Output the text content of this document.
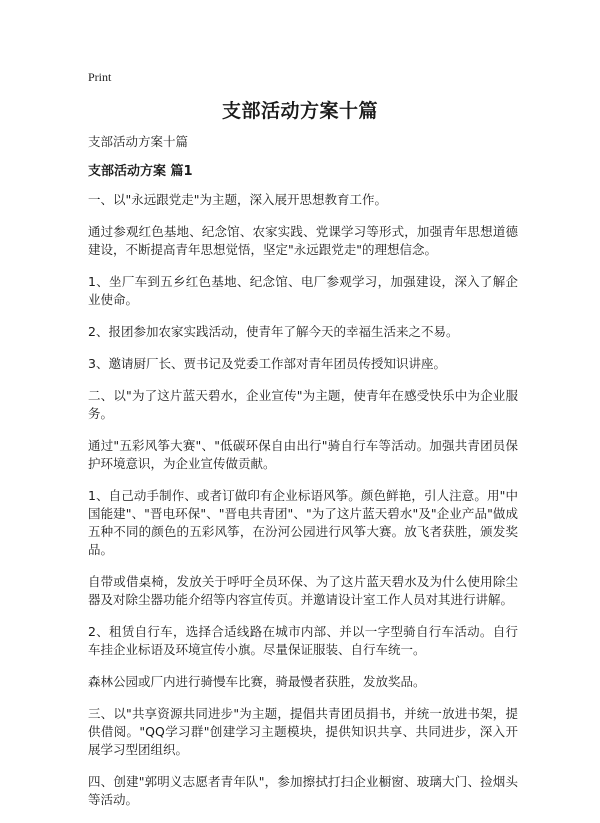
Print
支部活动方案十篇

支部活动方案十篇

支部活动方案 篇1

一、以"永远跟党走"为主题，深入展开思想教育工作。

通过参观红色基地、纪念馆、农家实践、党课学习等形式，加强青年思想道德建设，不断提高青年思想觉悟，坚定"永远跟党走"的理想信念。

1、坐厂车到五乡红色基地、纪念馆、电厂参观学习，加强建设，深入了解企业使命。

2、报团参加农家实践活动，使青年了解今天的幸福生活来之不易。

3、邀请厨厂长、贾书记及党委工作部对青年团员传授知识讲座。

二、以"为了这片蓝天碧水，企业宣传"为主题，使青年在感受快乐中为企业服务。

通过"五彩风筝大赛"、"低碳环保自由出行"骑自行车等活动。加强共青团员保护环境意识，为企业宣传做贡献。

1、自己动手制作、或者订做印有企业标语风筝。颜色鲜艳，引人注意。用"中国能建"、"晋电环保"、"晋电共青团"、"为了这片蓝天碧水"及"企业产品"做成五种不同的颜色的五彩风筝，在汾河公园进行风筝大赛。放飞者获胜，颁发奖品。

自带或借桌椅，发放关于呼吁全员环保、为了这片蓝天碧水及为什么使用除尘器及对除尘器功能介绍等内容宣传页。并邀请设计室工作人员对其进行讲解。

2、租赁自行车，选择合适线路在城市内部、并以一字型骑自行车活动。自行车挂企业标语及环境宣传小旗。尽量保证服装、自行车统一。

森林公园或厂内进行骑慢车比赛，骑最慢者获胜，发放奖品。

三、以"共享资源共同进步"为主题，提倡共青团员捐书，并统一放进书架，提供借阅。"QQ学习群"创建学习主题模块，提供知识共享、共同进步，深入开展学习型团组织。

四、创建"郭明义志愿者青年队"，参加擦拭打扫企业橱窗、玻璃大门、捡烟头等活动。
